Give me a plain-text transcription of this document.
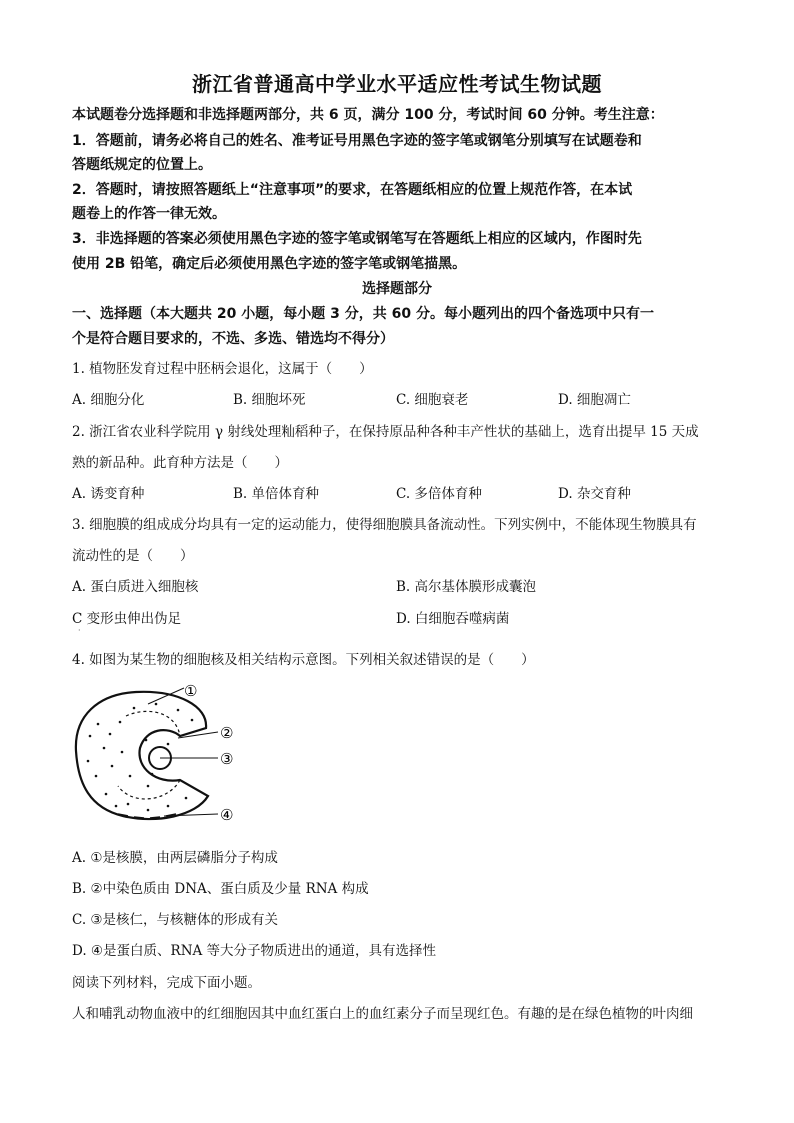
浙江省普通高中学业水平适应性考试生物试题
本试题卷分选择题和非选择题两部分，共 6 页，满分 100 分，考试时间 60 分钟。考生注意：
1．答题前，请务必将自己的姓名、准考证号用黑色字迹的签字笔或钢笔分别填写在试题卷和
答题纸规定的位置上。
2．答题时，请按照答题纸上“注意事项”的要求，在答题纸相应的位置上规范作答，在本试
题卷上的作答一律无效。
3．非选择题的答案必须使用黑色字迹的签字笔或钢笔写在答题纸上相应的区域内，作图时先
使用 2B 铅笔，确定后必须使用黑色字迹的签字笔或钢笔描黑。
选择题部分
一、选择题（本大题共 20 小题，每小题 3 分，共 60 分。每小题列出的四个备选项中只有一
个是符合题目要求的，不选、多选、错选均不得分）
1. 植物胚发育过程中胚柄会退化，这属于（　　）
A. 细胞分化	B. 细胞坏死	C. 细胞衰老	D. 细胞凋亡
2. 浙江省农业科学院用 γ 射线处理籼稻种子，在保持原品种各种丰产性状的基础上，选育出提早 15 天成
熟的新品种。此育种方法是（　　）
A. 诱变育种	B. 单倍体育种	C. 多倍体育种	D. 杂交育种
3. 细胞膜的组成成分均具有一定的运动能力，使得细胞膜具备流动性。下列实例中，不能体现生物膜具有
流动性的是（　　）
A. 蛋白质进入细胞核	B. 高尔基体膜形成囊泡
C 变形虫伸出伪足	D. 白细胞吞噬病菌
·
4. 如图为某生物的细胞核及相关结构示意图。下列相关叙述错误的是（　　）
①
②
③
④
A. ①是核膜，由两层磷脂分子构成
B. ②中染色质由 DNA、蛋白质及少量 RNA 构成
C. ③是核仁，与核糖体的形成有关
D. ④是蛋白质、RNA 等大分子物质进出的通道，具有选择性
阅读下列材料，完成下面小题。
人和哺乳动物血液中的红细胞因其中血红蛋白上的血红素分子而呈现红色。有趣的是在绿色植物的叶肉细
